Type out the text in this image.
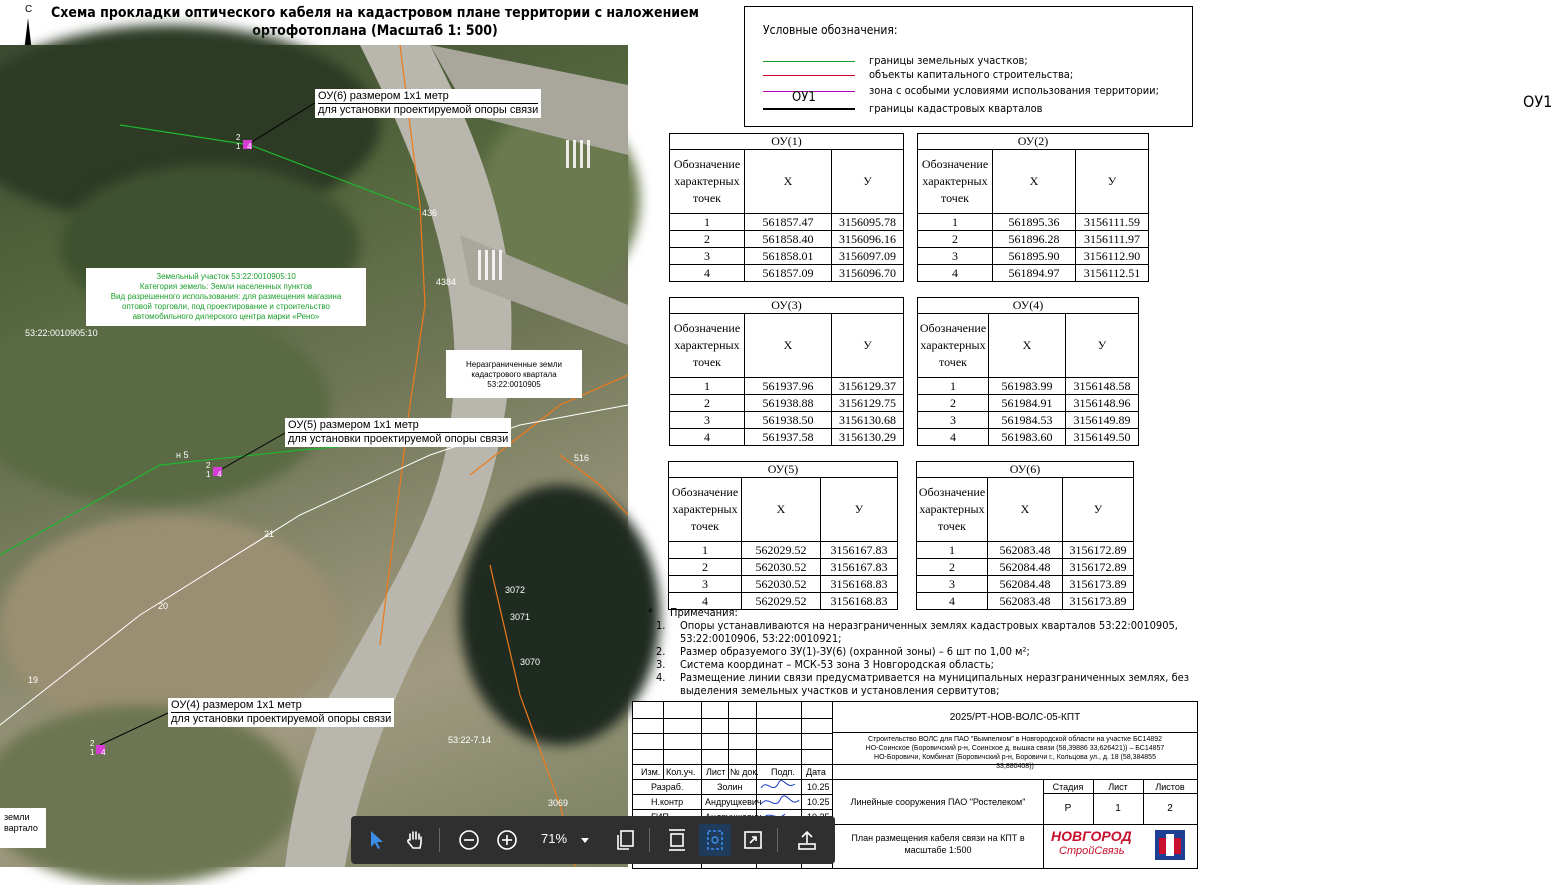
Схема прокладки оптического кабеля на кадастровом плане территории с наложением
ортофотоплана (Масштаб 1: 500)
С
53:22:0010905:10
436
4384
н 5
21
20
19
516
3072
3071
3070
3069
53:22-7.14
2
1 4
2
1 4
2
1 4
Земельный участок 53:22:0010905:10
Категория земель: Земли населенных пунктов
Вид разрешенного использования: для размещения магазина
оптовой торговли, под проектирование и строительство
автомобильного дилерского центра марки «Рено»
Неразграниченные земли
кадастрового квартала
53:22:0010905
ОУ(6) размером 1х1 метр
для установки проектируемой опоры связи
ОУ(5) размером 1х1 метр
для установки проектируемой опоры связи
ОУ(4) размером 1х1 метр
для установки проектируемой опоры связи
земли
вартало
Условные обозначения:
границы земельных участков;
объекты капитального строительства;
зона с особыми условиями использования территории;
границы кадастровых кварталов	ОУ1
ОУ1
ОУ(1)		
Обозначение
характерных
точек	Х	У
1	561857.47	3156095.78
2	561858.40	3156096.16
3	561858.01	3156097.09
4	561857.09	3156096.70
ОУ(2)		
Обозначение
характерных
точек	Х	У
1	561895.36	3156111.59
2	561896.28	3156111.97
3	561895.90	3156112.90
4	561894.97	3156112.51
ОУ(3)		
Обозначение
характерных
точек	Х	У
1	561937.96	3156129.37
2	561938.88	3156129.75
3	561938.50	3156130.68
4	561937.58	3156130.29
ОУ(4)		
Обозначение
характерных
точек	Х	У
1	561983.99	3156148.58
2	561984.91	3156148.96
3	561984.53	3156149.89
4	561983.60	3156149.50
ОУ(5)		
Обозначение
характерных
точек	Х	У
1	562029.52	3156167.83
2	562030.52	3156167.83
3	562030.52	3156168.83
4	562029.52	3156168.83
ОУ(6)		
Обозначение
характерных
точек	Х	У
1	562083.48	3156172.89
2	562084.48	3156172.89
3	562084.48	3156173.89
4	562083.48	3156173.89
* Примечания:
1. Опоры устанавливаются на неразграниченных землях кадастровых кварталов 53:22:0010905,
53:22:0010906, 53:22:0010921;
2. Размер образуемого ЗУ(1)-ЗУ(6) (охранной зоны) – 6 шт по 1,00 м²;
3. Система координат – МСК-53 зона 3 Новгородская область;
4. Размещение линии связи предусматривается на муниципальных неразграниченных землях, без
выделения земельных участков и установления сервитутов;
Изм. Кол.уч. Лист № док. Подп. Дата
Разраб.	Золин	10.25
Н.контр Андрущкевич	10.25
2025/РТ-НОВ-ВОЛС-05-КПТ
Строительство ВОЛС для ПАО "Вымпелком" в Новгородской области на участке БС14892
НО-Соинское (Боровичский р-н, Соинское д, вышка связи (58,39886 33,626421)) – БС14857
НО-Боровичи, Комбинат (Боровичский р-н, Боровичи г., Кольцова ул., д. 18 (58,384855
33,880408))
Линейные сооружения ПАО "Ростелеком"
Стадия	Лист	Листов
Р	1	2
План размещения кабеля связи на КПТ в
масштабе 1:500
НОВГОРОД
СтройСвязь
71%
